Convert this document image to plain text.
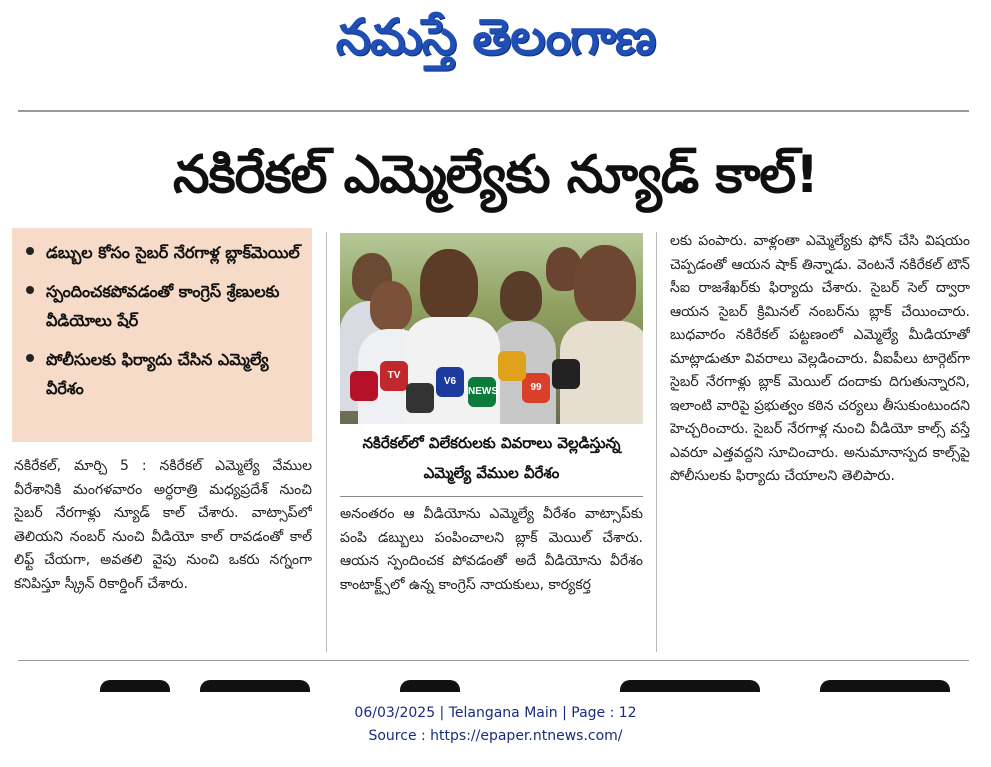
నమస్తే తెలంగాణ
నకిరేకల్ ఎమ్మెల్యేకు న్యూడ్ కాల్!
డబ్బుల కోసం సైబర్ నేరగాళ్ల బ్లాక్‌మెయిల్
స్పందించకపోవడంతో కాంగ్రెస్ శ్రేణులకు వీడియోలు షేర్
పోలీసులకు ఫిర్యాదు చేసిన ఎమ్మెల్యే వీరేశం
నకిరేకల్, మార్చి 5 : నకిరేకల్ ఎమ్మెల్యే వేముల వీరేశానికి మంగళవారం అర్ధరాత్రి మధ్యప్రదేశ్ నుంచి సైబర్ నేరగాళ్లు న్యూడ్ కాల్ చేశారు. వాట్సాప్‌లో తెలియని నంబర్ నుంచి వీడియో కాల్ రావడంతో కాల్ లిఫ్ట్ చేయగా, అవతలి వైపు నుంచి ఒకరు నగ్నంగా కనిపిస్తూ స్క్రీన్ రికార్డింగ్ చేశారు.
V6
NEWS
TV
99
నకిరేకల్‌లో విలేకరులకు వివరాలు వెల్లడిస్తున్న ఎమ్మెల్యే వేముల వీరేశం
అనంతరం ఆ వీడియోను ఎమ్మెల్యే వీరేశం వాట్సాప్‌కు పంపి డబ్బులు పంపించాలని బ్లాక్ మెయిల్ చేశారు. ఆయన స్పందించక పోవడంతో అదే వీడియోను వీరేశం కాంటాక్ట్స్‌లో ఉన్న కాంగ్రెస్ నాయకులు, కార్యకర్త
లకు పంపారు. వాళ్లంతా ఎమ్మెల్యేకు ఫోన్ చేసి విషయం చెప్పడంతో ఆయన షాక్ తిన్నాడు. వెంటనే నకిరేకల్ టౌన్ సీఐ రాజశేఖర్‌కు ఫిర్యాదు చేశారు. సైబర్ సెల్ ద్వారా ఆయన సైబర్ క్రిమినల్ నంబర్‌ను బ్లాక్ చేయించారు. బుధవారం నకిరేకల్ పట్టణంలో ఎమ్మెల్యే మీడియాతో మాట్లాడుతూ వివరాలు వెల్లడించారు. వీఐపీలు టార్గెట్‌గా సైబర్ నేరగాళ్లు బ్లాక్ మెయిల్ దందాకు దిగుతున్నారని, ఇలాంటి వారిపై ప్రభుత్వం కఠిన చర్యలు తీసుకుంటుందని హెచ్చరించారు. సైబర్ నేరగాళ్ల నుంచి వీడియో కాల్స్ వస్తే ఎవరూ ఎత్తవద్దని సూచించారు. అనుమానాస్పద కాల్స్‌పై పోలీసులకు ఫిర్యాదు చేయాలని తెలిపారు.
06/03/2025 | Telangana Main | Page : 12
Source : https://epaper.ntnews.com/
